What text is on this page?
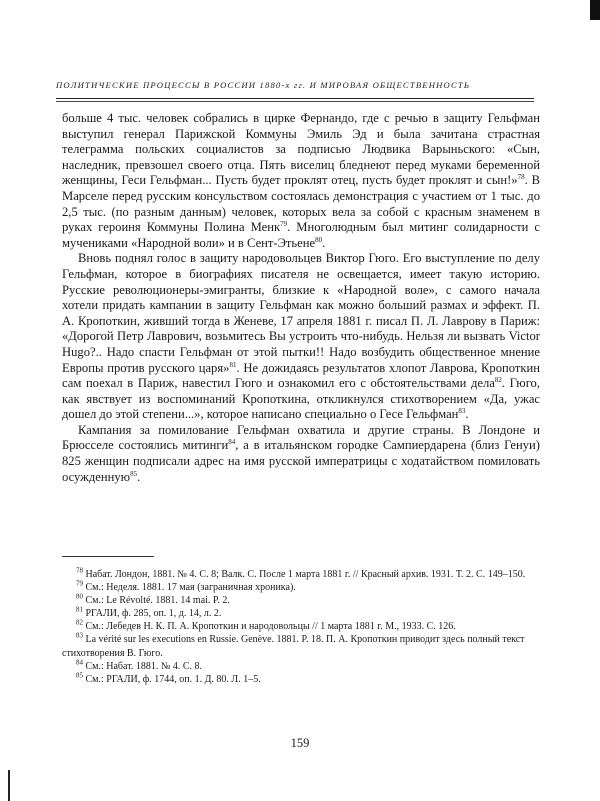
ПОЛИТИЧЕСКИЕ ПРОЦЕССЫ В РОССИИ 1880-х гг. И МИРОВАЯ ОБЩЕСТВЕННОСТЬ

больше 4 тыс. человек собрались в цирке Фернандо, где с речью в защиту Гельфман выступил генерал Парижской Коммуны Эмиль Эд и была зачитана страстная телеграмма польских социалистов за подписью Людвика Варыньского: «Сын, наследник, превзошел своего отца. Пять виселиц бледнеют перед муками беременной женщины, Геси Гельфман... Пусть будет проклят отец, пусть будет проклят и сын!»$^{78}$. В Марселе перед русским консульством состоялась демонстрация с участием от 1 тыс. до 2,5 тыс. (по разным данным) человек, которых вела за собой с красным знаменем в руках героиня Коммуны Полина Менк$^{79}$. Многолюдным был митинг солидарности с мучениками «Народной воли» и в Сент-Этьене$^{80}$.

Вновь поднял голос в защиту народовольцев Виктор Гюго. Его выступление по делу Гельфман, которое в биографиях писателя не освещается, имеет такую историю. Русские революционеры-эмигранты, близкие к «Народной воле», с самого начала хотели придать кампании в защиту Гельфман как можно больший размах и эффект. П. А. Кропоткин, живший тогда в Женеве, 17 апреля 1881 г. писал П. Л. Лаврову в Париж: «Дорогой Петр Лаврович, возьмитесь Вы устроить что-нибудь. Нельзя ли вызвать Victor Hugo?.. Надо спасти Гельфман от этой пытки!! Надо возбудить общественное мнение Европы против русского царя»$^{81}$. Не дожидаясь результатов хлопот Лаврова, Кропоткин сам поехал в Париж, навестил Гюго и ознакомил его с обстоятельствами дела$^{82}$. Гюго, как явствует из воспоминаний Кропоткина, откликнулся стихотворением «Да, ужас дошел до этой степени...», которое написано специально о Гесе Гельфман$^{83}$.

Кампания за помилование Гельфман охватила и другие страны. В Лондоне и Брюсселе состоялись митинги$^{84}$, а в итальянском городке Сампиердарена (близ Генуи) 825 женщин подписали адрес на имя русской императрицы с ходатайством помиловать осужденную$^{85}$.

$^{78}$ Набат. Лондон, 1881. № 4. С. 8; Валк. С. После 1 марта 1881 г. // Красный архив. 1931. Т. 2. С. 149–150.
$^{79}$ См.: Неделя. 1881. 17 мая (заграничная хроника).
$^{80}$ См.: Le Révolté. 1881. 14 mai. P. 2.
$^{81}$ РГАЛИ, ф. 285, оп. 1, д. 14, л. 2.
$^{82}$ См.: Лебедев Н. К. П. А. Кропоткин и народовольцы // 1 марта 1881 г. М., 1933. С. 126.
$^{83}$ La vérité sur les executions en Russie. Genève. 1881. P. 18. П. А. Кропоткин приводит здесь полный текст стихотворения В. Гюго.
$^{84}$ См.: Набат. 1881. № 4. С. 8.
$^{85}$ См.: РГАЛИ, ф. 1744, оп. 1. Д. 80. Л. 1–5.
159
